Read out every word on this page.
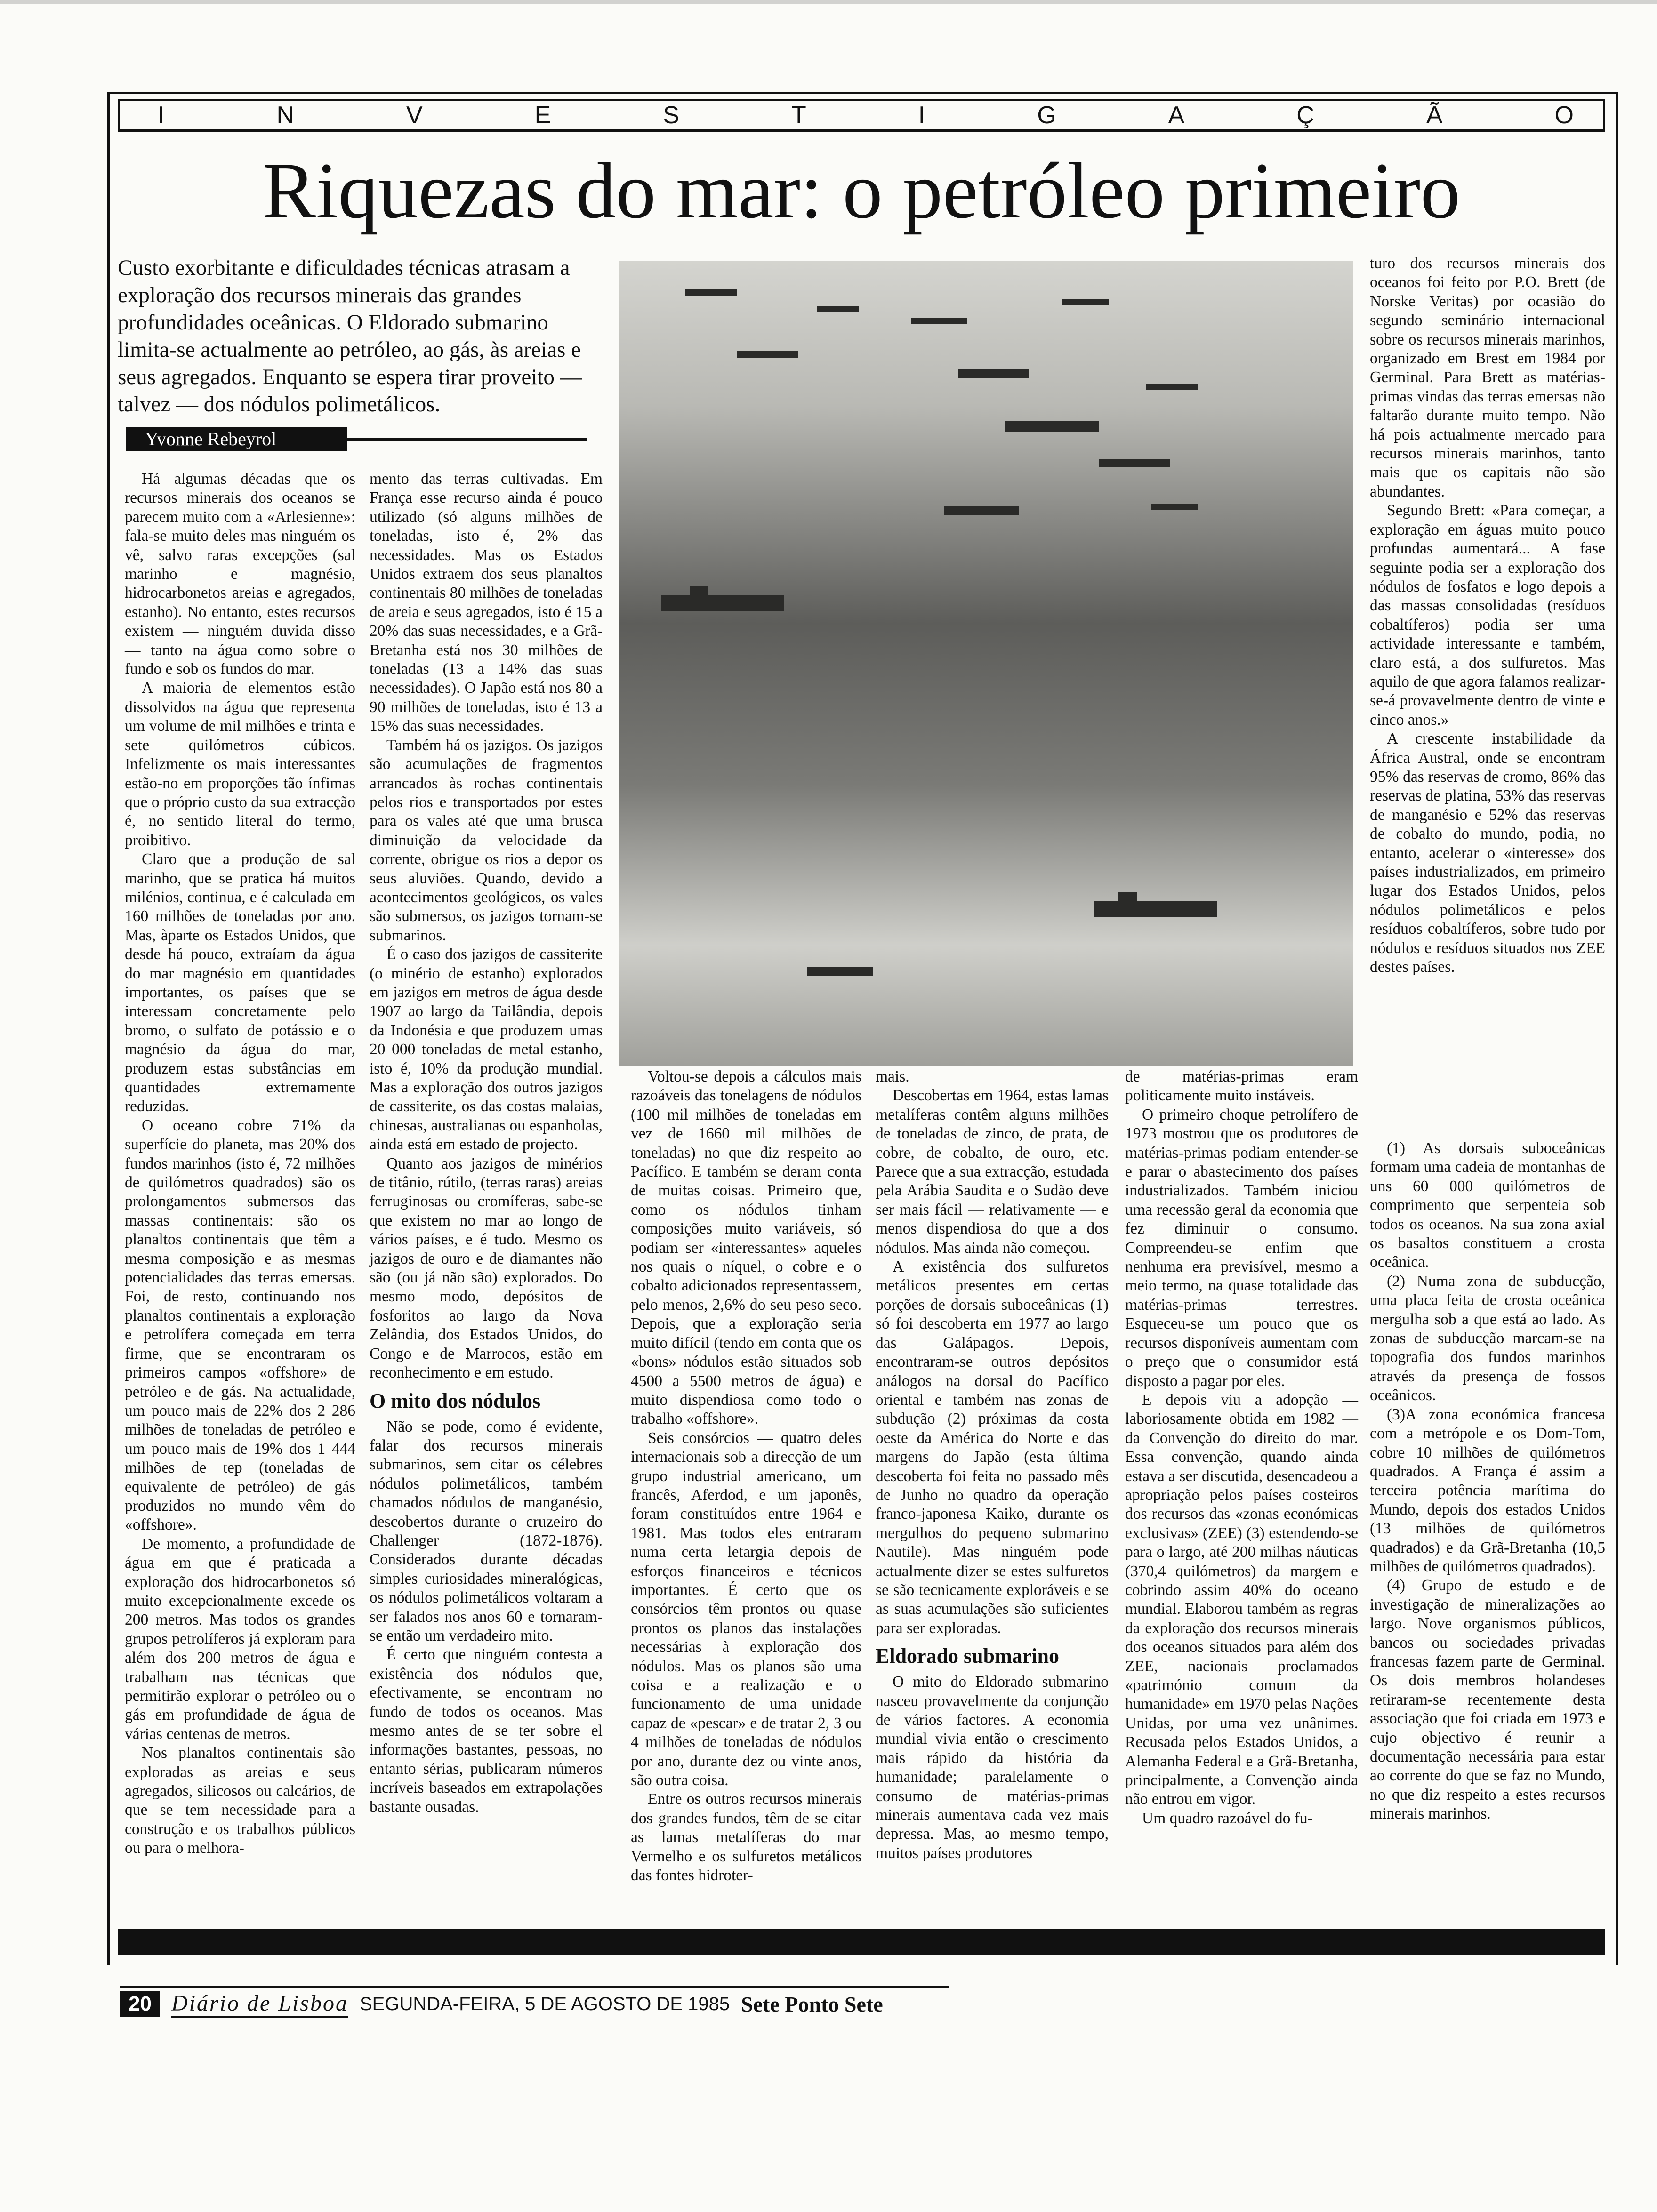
I	N	V	E	S	T	I	G	A	Ç	Ã	O
Riquezas do mar: o petróleo primeiro

Custo exorbitante e dificuldades técnicas atrasam a exploração dos recursos minerais das grandes profundidades oceânicas. O Eldorado submarino limita-se actualmente ao petróleo, ao gás, às areias e seus agregados. Enquanto se espera tirar proveito — talvez — dos nódulos polimetálicos.

Yvonne Rebeyrol

Há algumas décadas que os recursos minerais dos oceanos se parecem muito com a «Arlesienne»: fala-se muito deles mas ninguém os vê, salvo raras excepções (sal marinho e magnésio, hidrocarbonetos areias e agregados, estanho). No entanto, estes recursos existem — ninguém duvida disso — tanto na água como sobre o fundo e sob os fundos do mar.

A maioria de elementos estão dissolvidos na água que representa um volume de mil milhões e trinta e sete quilómetros cúbicos. Infelizmente os mais interessantes estão-no em proporções tão ínfimas que o próprio custo da sua extracção é, no sentido literal do termo, proibitivo.

Claro que a produção de sal marinho, que se pratica há muitos milénios, continua, e é calculada em 160 milhões de toneladas por ano. Mas, àparte os Estados Unidos, que desde há pouco, extraíam da água do mar magnésio em quantidades importantes, os países que se interessam concretamente pelo bromo, o sulfato de potássio e o magnésio da água do mar, produzem estas substâncias em quantidades extremamente reduzidas.

O oceano cobre 71% da superfície do planeta, mas 20% dos fundos marinhos (isto é, 72 milhões de quilómetros quadrados) são os prolongamentos submersos das massas continentais: são os planaltos continentais que têm a mesma composição e as mesmas potencialidades das terras emersas. Foi, de resto, continuando nos planaltos continentais a exploração e petrolífera começada em terra firme, que se encontraram os primeiros campos «offshore» de petróleo e de gás. Na actualidade, um pouco mais de 22% dos 2 286 milhões de toneladas de petróleo e um pouco mais de 19% dos 1 444 milhões de tep (toneladas de equivalente de petróleo) de gás produzidos no mundo vêm do «offshore».

De momento, a profundidade de água em que é praticada a exploração dos hidrocarbonetos só muito excepcionalmente excede os 200 metros. Mas todos os grandes grupos petrolíferos já exploram para além dos 200 metros de água e trabalham nas técnicas que permitirão explorar o petróleo ou o gás em profundidade de água de várias centenas de metros.

Nos planaltos continentais são exploradas as areias e seus agregados, silicosos ou calcários, de que se tem necessidade para a construção e os trabalhos públicos ou para o melhora-

mento das terras cultivadas. Em França esse recurso ainda é pouco utilizado (só alguns milhões de toneladas, isto é, 2% das necessidades. Mas os Estados Unidos extraem dos seus planaltos continentais 80 milhões de toneladas de areia e seus agregados, isto é 15 a 20% das suas necessidades, e a Grã-Bretanha está nos 30 milhões de toneladas (13 a 14% das suas necessidades). O Japão está nos 80 a 90 milhões de toneladas, isto é 13 a 15% das suas necessidades.

Também há os jazigos. Os jazigos são acumulações de fragmentos arrancados às rochas continentais pelos rios e transportados por estes para os vales até que uma brusca diminuição da velocidade da corrente, obrigue os rios a depor os seus aluviões. Quando, devido a acontecimentos geológicos, os vales são submersos, os jazigos tornam-se submarinos.

É o caso dos jazigos de cassiterite (o minério de estanho) explorados em jazigos em metros de água desde 1907 ao largo da Tailândia, depois da Indonésia e que produzem umas 20 000 toneladas de metal estanho, isto é, 10% da produção mundial. Mas a exploração dos outros jazigos de cassiterite, os das costas malaias, chinesas, australianas ou espanholas, ainda está em estado de projecto.

Quanto aos jazigos de minérios de titânio, rútilo, (terras raras) areias ferruginosas ou cromíferas, sabe-se que existem no mar ao longo de vários países, e é tudo. Mesmo os jazigos de ouro e de diamantes não são (ou já não são) explorados. Do mesmo modo, depósitos de fosforitos ao largo da Nova Zelândia, dos Estados Unidos, do Congo e de Marrocos, estão em reconhecimento e em estudo.

O mito dos nódulos

Não se pode, como é evidente, falar dos recursos minerais submarinos, sem citar os célebres nódulos polimetálicos, também chamados nódulos de manganésio, descobertos durante o cruzeiro do Challenger (1872-1876). Considerados durante décadas simples curiosidades mineralógicas, os nódulos polimetálicos voltaram a ser falados nos anos 60 e tornaram-se então um verdadeiro mito.

É certo que ninguém contesta a existência dos nódulos que, efectivamente, se encontram no fundo de todos os oceanos. Mas mesmo antes de se ter sobre el informações bastantes, pessoas, no entanto sérias, publicaram números incríveis baseados em extrapolações bastante ousadas.

Voltou-se depois a cálculos mais razoáveis das tonelagens de nódulos (100 mil milhões de toneladas em vez de 1660 mil milhões de toneladas) no que diz respeito ao Pacífico. E também se deram conta de muitas coisas. Primeiro que, como os nódulos tinham composições muito variáveis, só podiam ser «interessantes» aqueles nos quais o níquel, o cobre e o cobalto adicionados representassem, pelo menos, 2,6% do seu peso seco. Depois, que a exploração seria muito difícil (tendo em conta que os «bons» nódulos estão situados sob 4500 a 5500 metros de água) e muito dispendiosa como todo o trabalho «offshore».

Seis consórcios — quatro deles internacionais sob a direcção de um grupo industrial americano, um francês, Aferdod, e um japonês, foram constituídos entre 1964 e 1981. Mas todos eles entraram numa certa letargia depois de esforços financeiros e técnicos importantes. É certo que os consórcios têm prontos ou quase prontos os planos das instalações necessárias à exploração dos nódulos. Mas os planos são uma coisa e a realização e o funcionamento de uma unidade capaz de «pescar» e de tratar 2, 3 ou 4 milhões de toneladas de nódulos por ano, durante dez ou vinte anos, são outra coisa.

Entre os outros recursos minerais dos grandes fundos, têm de se citar as lamas metalíferas do mar Vermelho e os sulfuretos metálicos das fontes hidroter-

mais.

Descobertas em 1964, estas lamas metalíferas contêm alguns milhões de toneladas de zinco, de prata, de cobre, de cobalto, de ouro, etc. Parece que a sua extracção, estudada pela Arábia Saudita e o Sudão deve ser mais fácil — relativamente — e menos dispendiosa do que a dos nódulos. Mas ainda não começou.

A existência dos sulfuretos metálicos presentes em certas porções de dorsais suboceânicas (1) só foi descoberta em 1977 ao largo das Galápagos. Depois, encontraram-se outros depósitos análogos na dorsal do Pacífico oriental e também nas zonas de subdução (2) próximas da costa oeste da América do Norte e das margens do Japão (esta última descoberta foi feita no passado mês de Junho no quadro da operação franco-japonesa Kaiko, durante os mergulhos do pequeno submarino Nautile). Mas ninguém pode actualmente dizer se estes sulfuretos se são tecnicamente exploráveis e se as suas acumulações são suficientes para ser exploradas.

Eldorado submarino

O mito do Eldorado submarino nasceu provavelmente da conjunção de vários factores. A economia mundial vivia então o crescimento mais rápido da história da humanidade; paralelamente o consumo de matérias-primas minerais aumentava cada vez mais depressa. Mas, ao mesmo tempo, muitos países produtores

de matérias-primas eram politicamente muito instáveis.

O primeiro choque petrolífero de 1973 mostrou que os produtores de matérias-primas podiam entender-se e parar o abastecimento dos países industrializados. Também iniciou uma recessão geral da economia que fez diminuir o consumo. Compreendeu-se enfim que nenhuma era previsível, mesmo a meio termo, na quase totalidade das matérias-primas terrestres. Esqueceu-se um pouco que os recursos disponíveis aumentam com o preço que o consumidor está disposto a pagar por eles.

E depois viu a adopção — laboriosamente obtida em 1982 — da Convenção do direito do mar. Essa convenção, quando ainda estava a ser discutida, desencadeou a apropriação pelos países costeiros dos recursos das «zonas económicas exclusivas» (ZEE) (3) estendendo-se para o largo, até 200 milhas náuticas (370,4 quilómetros) da margem e cobrindo assim 40% do oceano mundial. Elaborou também as regras da exploração dos recursos minerais dos oceanos situados para além dos ZEE, nacionais proclamados «património comum da humanidade» em 1970 pelas Nações Unidas, por uma vez unânimes. Recusada pelos Estados Unidos, a Alemanha Federal e a Grã-Bretanha, principalmente, a Convenção ainda não entrou em vigor.

Um quadro razoável do fu-

turo dos recursos minerais dos oceanos foi feito por P.O. Brett (de Norske Veritas) por ocasião do segundo seminário internacional sobre os recursos minerais marinhos, organizado em Brest em 1984 por Germinal. Para Brett as matérias-primas vindas das terras emersas não faltarão durante muito tempo. Não há pois actualmente mercado para recursos minerais marinhos, tanto mais que os capitais não são abundantes.

Segundo Brett: «Para começar, a exploração em águas muito pouco profundas aumentará... A fase seguinte podia ser a exploração dos nódulos de fosfatos e logo depois a das massas consolidadas (resíduos cobaltíferos) podia ser uma actividade interessante e também, claro está, a dos sulfuretos. Mas aquilo de que agora falamos realizar-se-á provavelmente dentro de vinte e cinco anos.»

A crescente instabilidade da África Austral, onde se encontram 95% das reservas de cromo, 86% das reservas de platina, 53% das reservas de manganésio e 52% das reservas de cobalto do mundo, podia, no entanto, acelerar o «interesse» dos países industrializados, em primeiro lugar dos Estados Unidos, pelos nódulos polimetálicos e pelos resíduos cobaltíferos, sobre tudo por nódulos e resíduos situados nos ZEE destes países.

(1) As dorsais suboceânicas formam uma cadeia de montanhas de uns 60 000 quilómetros de comprimento que serpenteia sob todos os oceanos. Na sua zona axial os basaltos constituem a crosta oceânica.

(2) Numa zona de subducção, uma placa feita de crosta oceânica mergulha sob a que está ao lado. As zonas de subducção marcam-se na topografia dos fundos marinhos através da presença de fossos oceânicos.

(3)A zona económica francesa com a metrópole e os Dom-Tom, cobre 10 milhões de quilómetros quadrados. A França é assim a terceira potência marítima do Mundo, depois dos estados Unidos (13 milhões de quilómetros quadrados) e da Grã-Bretanha (10,5 milhões de quilómetros quadrados).

(4) Grupo de estudo e de investigação de mineralizações ao largo. Nove organismos públicos, bancos ou sociedades privadas francesas fazem parte de Germinal. Os dois membros holandeses retiraram-se recentemente desta associação que foi criada em 1973 e cujo objectivo é reunir a documentação necessária para estar ao corrente do que se faz no Mundo, no que diz respeito a estes recursos minerais marinhos.

20 Diário de Lisboa SEGUNDA-FEIRA, 5 DE AGOSTO DE 1985 Sete Ponto Sete
